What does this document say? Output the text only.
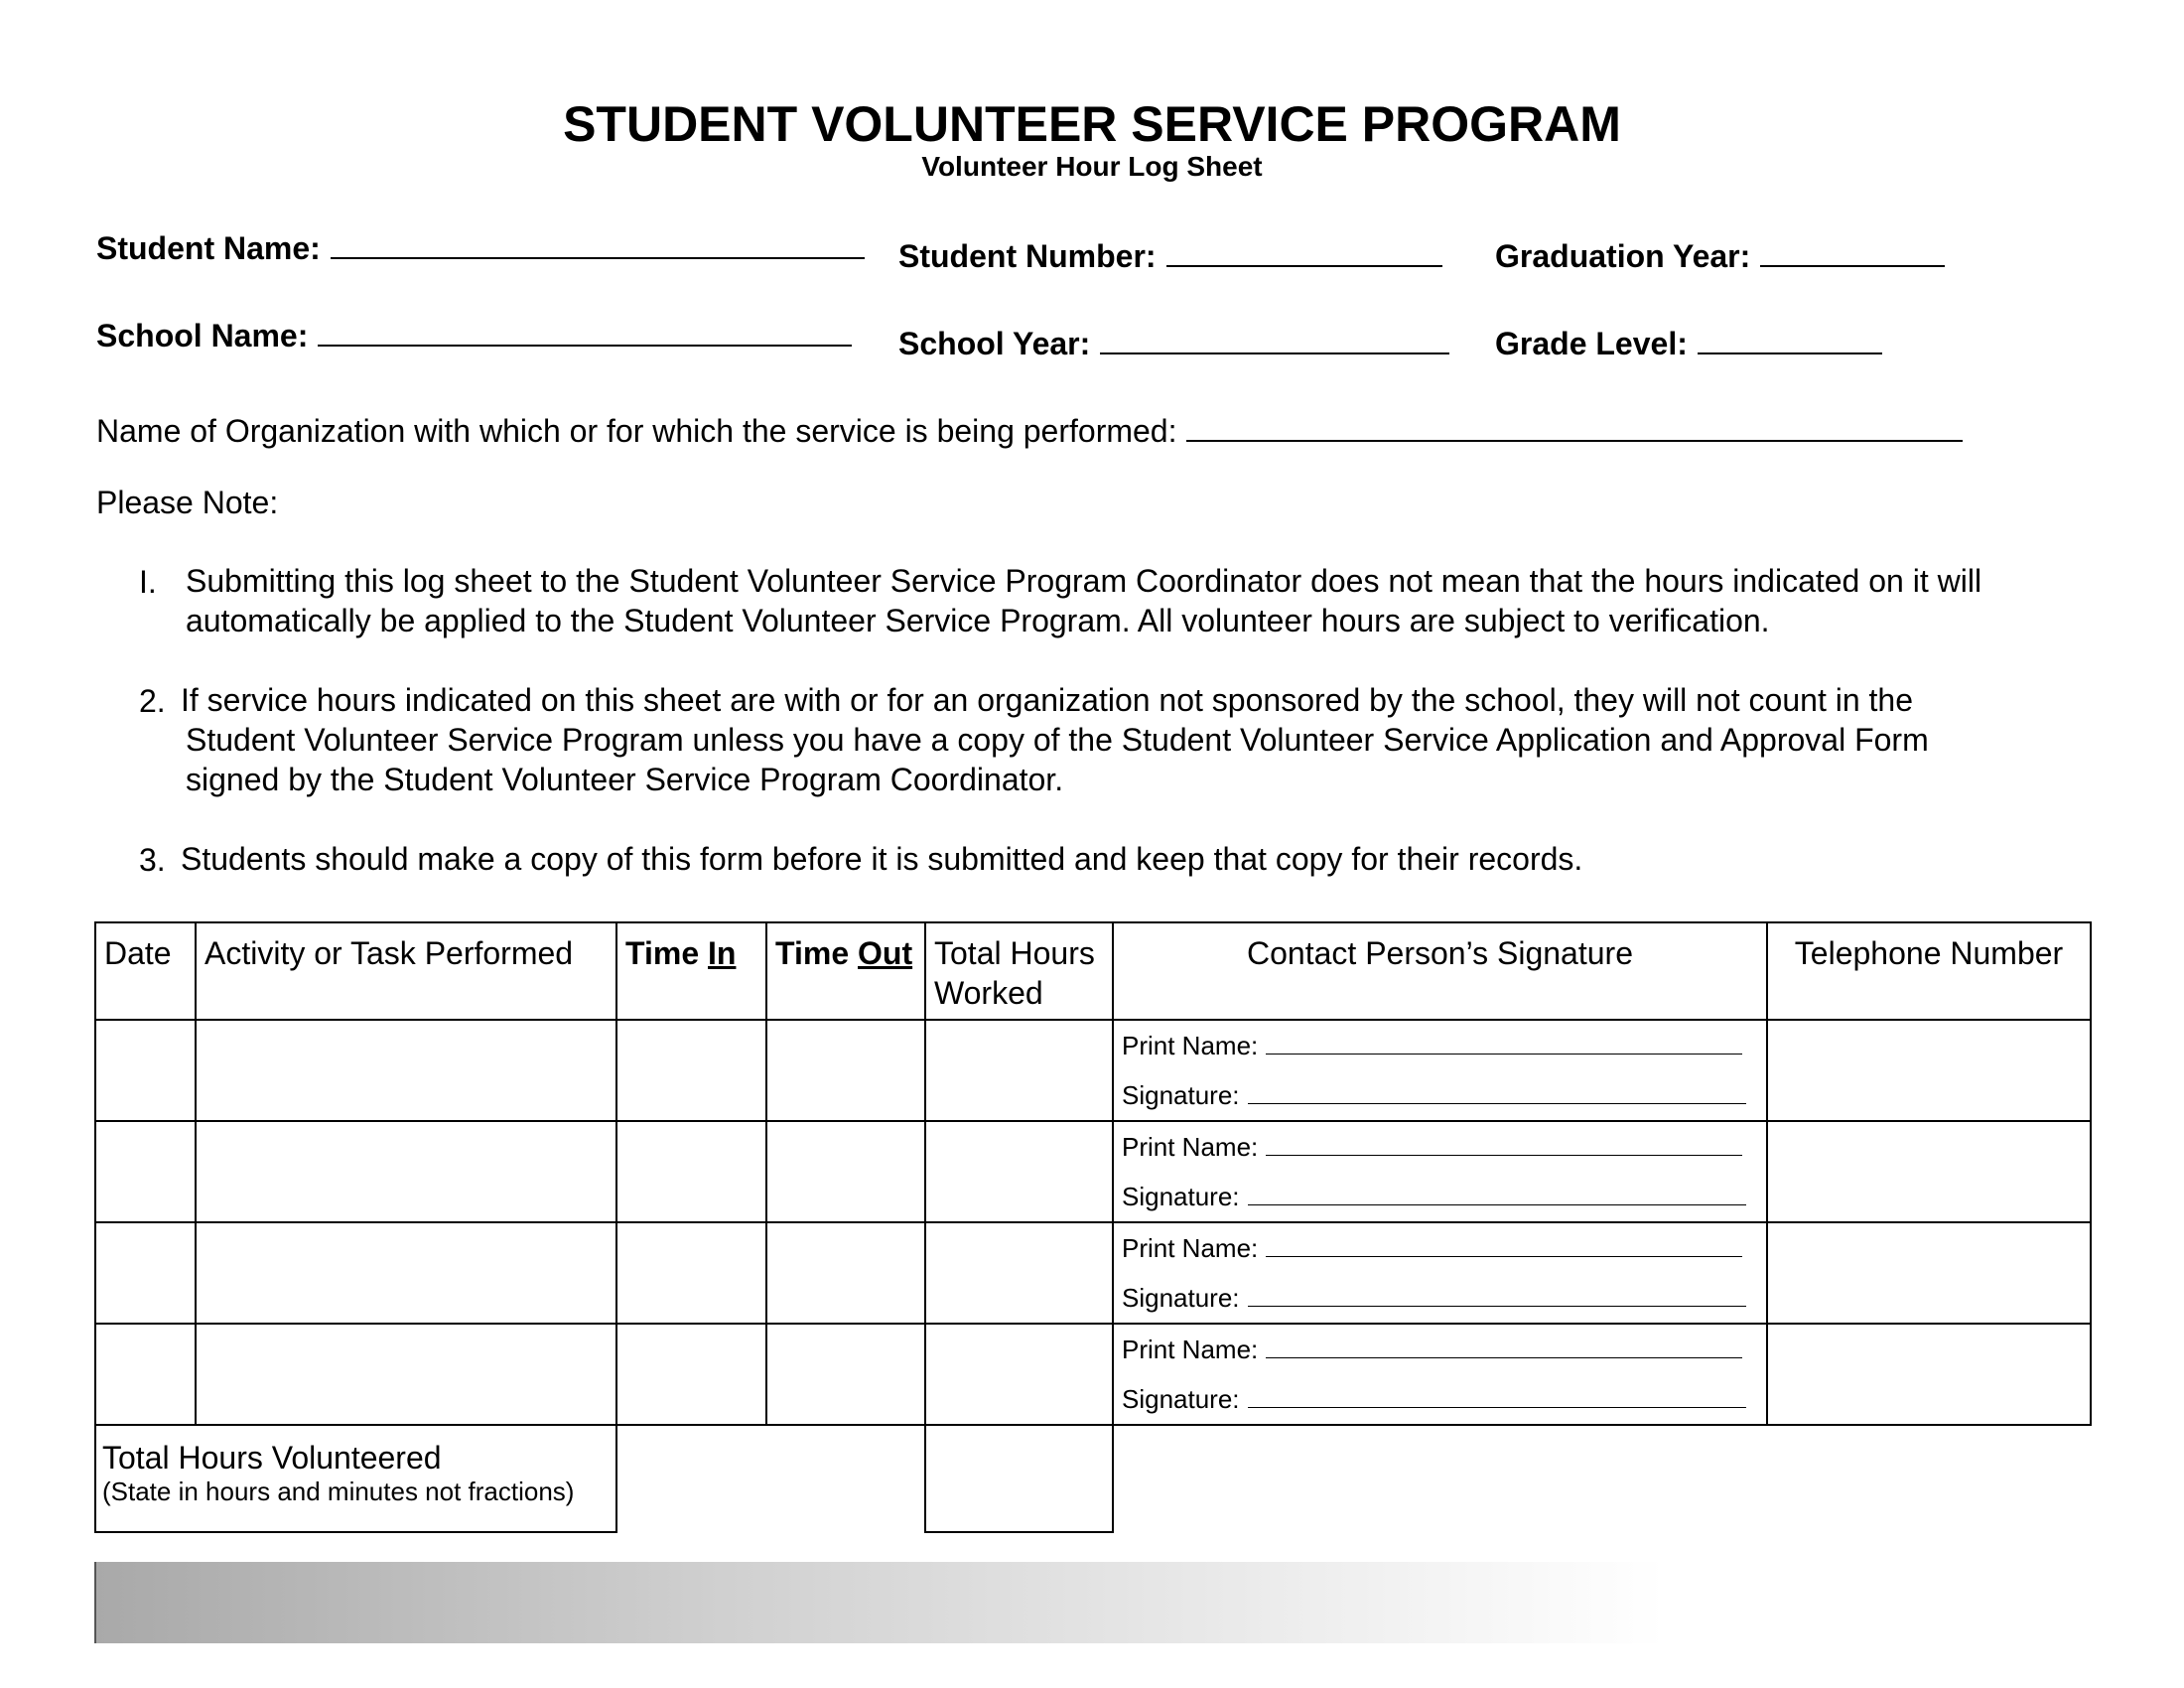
STUDENT VOLUNTEER SERVICE PROGRAM
Volunteer Hour Log Sheet
Student Name:	Student Number:	Graduation Year:
School Name:	School Year:	Grade Level:
Name of Organization with which or for which the service is being performed:
Please Note:
I. Submitting this log sheet to the Student Volunteer Service Program Coordinator does not mean that the hours indicated on it will
automatically be applied to the Student Volunteer Service Program. All volunteer hours are subject to verification.
2. If service hours indicated on this sheet are with or for an organization not sponsored by the school, they will not count in the
Student Volunteer Service Program unless you have a copy of the Student Volunteer Service Application and Approval Form
signed by the Student Volunteer Service Program Coordinator.
3. Students should make a copy of this form before it is submitted and keep that copy for their records.
Date	Activity or Task Performed	Time In	Time Out	Total Hours
Worked	Contact Person’s Signature	Telephone Number

					Print Name:
Signature:	

					Print Name:
Signature:	

					Print Name:
Signature:	

					Print Name:
Signature:	

Total Hours Volunteered
(State in hours and minutes not fractions)						
